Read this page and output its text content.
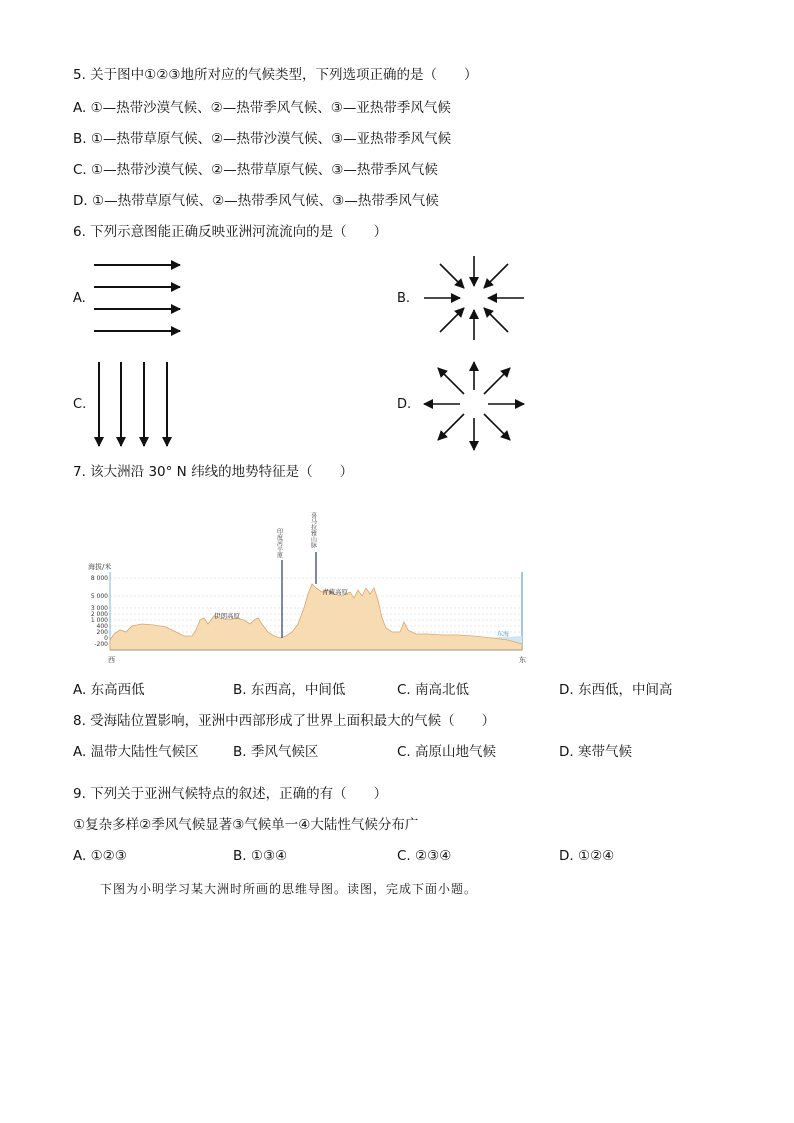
5. 关于图中①②③地所对应的气候类型，下列选项正确的是（　　）
A. ①—热带沙漠气候、②—热带季风气候、③—亚热带季风气候
B. ①—热带草原气候、②—热带沙漠气候、③—亚热带季风气候
C. ①—热带沙漠气候、②—热带草原气候、③—热带季风气候
D. ①—热带草原气候、②—热带季风气候、③—热带季风气候
6. 下列示意图能正确反映亚洲河流流向的是（　　）
A.	B.
C.	D.
7. 该大洲沿 30° N 纬线的地势特征是（　　）
海拔/米
8 000
5 000
3 000
2 000
1 000
400
200
0
-200
伊朗高原
青藏高原
东海
印度河平原	喜马拉雅山脉
西	东
A. 东高西低	B. 东西高，中间低	C. 南高北低	D. 东西低，中间高
8. 受海陆位置影响，亚洲中西部形成了世界上面积最大的气候（　　）
A. 温带大陆性气候区	B. 季风气候区	C. 高原山地气候	D. 寒带气候
9. 下列关于亚洲气候特点的叙述，正确的有（　　）
①复杂多样②季风气候显著③气候单一④大陆性气候分布广
A. ①②③	B. ①③④	C. ②③④	D. ①②④
下图为小明学习某大洲时所画的思维导图。读图，完成下面小题。
